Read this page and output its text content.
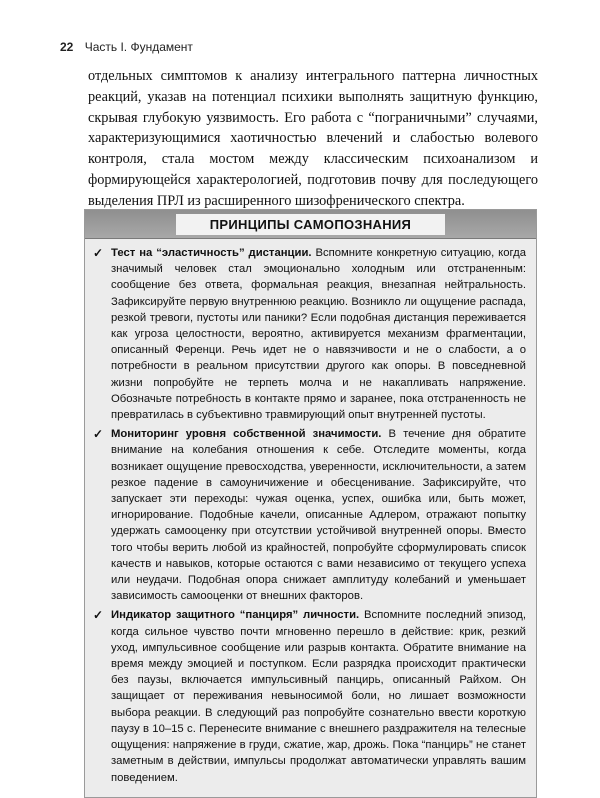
22 Часть I. Фундамент

отдельных симптомов к анализу интегрального паттерна личностных реакций, указав на потенциал психики выполнять защитную функцию, скрывая глубокую уязвимость. Его работа с “пограничными” случаями, характеризующимися хаотичностью влечений и слабостью волевого контроля, стала мостом между классическим психоанализом и формирующейся характерологией, подготовив почву для последующего выделения ПРЛ из расширенного шизофренического спектра.

ПРИНЦИПЫ САМОПОЗНАНИЯ
✓ Тест на “эластичность” дистанции. Вспомните конкретную ситуацию, когда значимый человек стал эмоционально холодным или отстраненным: сообщение без ответа, формальная реакция, внезапная нейтральность. Зафиксируйте первую внутреннюю реакцию. Возникло ли ощущение распада, резкой тревоги, пустоты или паники? Если подобная дистанция переживается как угроза целостности, вероятно, активируется механизм фрагментации, описанный Ференци. Речь идет не о навязчивости и не о слабости, а о потребности в реальном присутствии другого как опоры. В повседневной жизни попробуйте не терпеть молча и не накапливать напряжение. Обозначьте потребность в контакте прямо и заранее, пока отстраненность не превратилась в субъективно травмирующий опыт внутренней пустоты.
✓ Мониторинг уровня собственной значимости. В течение дня обратите внимание на колебания отношения к себе. Отследите моменты, когда возникает ощущение превосходства, уверенности, исключительности, а затем резкое падение в самоуничижение и обесценивание. Зафиксируйте, что запускает эти переходы: чужая оценка, успех, ошибка или, быть может, игнорирование. Подобные качели, описанные Адлером, отражают попытку удержать самооценку при отсутствии устойчивой внутренней опоры. Вместо того чтобы верить любой из крайностей, попробуйте сформулировать список качеств и навыков, которые остаются с вами независимо от текущего успеха или неудачи. Подобная опора снижает амплитуду колебаний и уменьшает зависимость самооценки от внешних факторов.
✓ Индикатор защитного “панциря” личности. Вспомните последний эпизод, когда сильное чувство почти мгновенно перешло в действие: крик, резкий уход, импульсивное сообщение или разрыв контакта. Обратите внимание на время между эмоцией и поступком. Если разрядка происходит практически без паузы, включается импульсивный панцирь, описанный Райхом. Он защищает от переживания невыносимой боли, но лишает возможности выбора реакции. В следующий раз попробуйте сознательно ввести короткую паузу в 10–15 с. Перенесите внимание с внешнего раздражителя на телесные ощущения: напряжение в груди, сжатие, жар, дрожь. Пока “панцирь” не станет заметным в действии, импульсы продолжат автоматически управлять вашим поведением.
